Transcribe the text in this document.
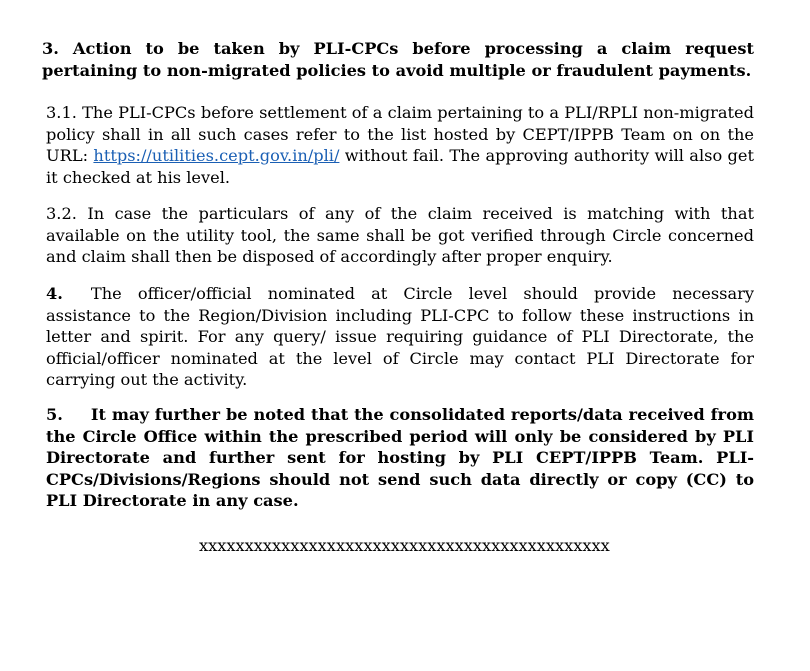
3. Action to be taken by PLI-CPCs before processing a claim request pertaining to non-migrated policies to avoid multiple or fraudulent payments.

3.1. The PLI-CPCs before settlement of a claim pertaining to a PLI/RPLI non-migrated policy shall in all such cases refer to the list hosted by CEPT/IPPB Team on on the URL: https://utilities.cept.gov.in/pli/ without fail. The approving authority will also get it checked at his level.

3.2. In case the particulars of any of the claim received is matching with that available on the utility tool, the same shall be got verified through Circle concerned and claim shall then be disposed of accordingly after proper enquiry.

4. The officer/official nominated at Circle level should provide necessary assistance to the Region/Division including PLI-CPC to follow these instructions in letter and spirit. For any query/ issue requiring guidance of PLI Directorate, the official/officer nominated at the level of Circle may contact PLI Directorate for carrying out the activity.

5. It may further be noted that the consolidated reports/data received from the Circle Office within the prescribed period will only be considered by PLI Directorate and further sent for hosting by PLI CEPT/IPPB Team. PLI-CPCs/Divisions/Regions should not send such data directly or copy (CC) to PLI Directorate in any case.

xxxxxxxxxxxxxxxxxxxxxxxxxxxxxxxxxxxxxxxxxxxxx
